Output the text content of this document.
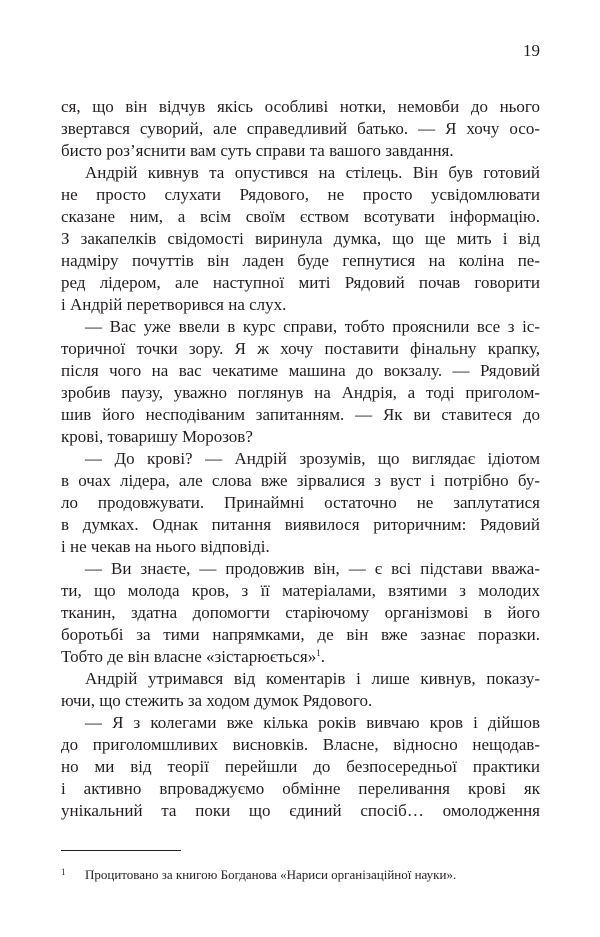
19
ся, що він відчув якісь особливі нотки, немовби до нього
звертався суворий, але справедливий батько. — Я хочу осо-
бисто роз’яснити вам суть справи та вашого завдання.
Андрій кивнув та опустився на стілець. Він був готовий
не просто слухати Рядового, не просто усвідомлювати
сказане ним, а всім своїм єством всотувати інформацію.
З закапелків свідомості виринула думка, що ще мить і від
надміру почуттів він ладен буде гепнутися на коліна пе-
ред лідером, але наступної миті Рядовий почав говорити
і Андрій перетворився на слух.
— Вас уже ввели в курс справи, тобто прояснили все з іс-
торичної точки зору. Я ж хочу поставити фінальну крапку,
після чого на вас чекатиме машина до вокзалу. — Рядовий
зробив паузу, уважно поглянув на Андрія, а тоді приголом-
шив його несподіваним запитанням. — Як ви ставитеся до
крові, товаришу Морозов?
— До крові? — Андрій зрозумів, що виглядає ідіотом
в очах лідера, але слова вже зірвалися з вуст і потрібно бу-
ло продовжувати. Принаймні остаточно не заплутатися
в думках. Однак питання виявилося риторичним: Рядовий
і не чекав на нього відповіді.
— Ви знаєте, — продовжив він, — є всі підстави вважа-
ти, що молода кров, з її матеріалами, взятими з молодих
тканин, здатна допомогти старіючому організмові в його
боротьбі за тими напрямками, де він вже зазнає поразки.
Тобто де він власне «зістарюється»$^1$.
Андрій утримався від коментарів і лише кивнув, показу-
ючи, що стежить за ходом думок Рядового.
— Я з колегами вже кілька років вивчаю кров і дійшов
до приголомшливих висновків. Власне, відносно нещодав-
но ми від теорії перейшли до безпосередньої практики
і активно впроваджуємо обмінне переливання крові як
унікальний та поки що єдиний спосіб… омолодження
1 Процитовано за книгою Богданова «Нариси організаційної науки».
